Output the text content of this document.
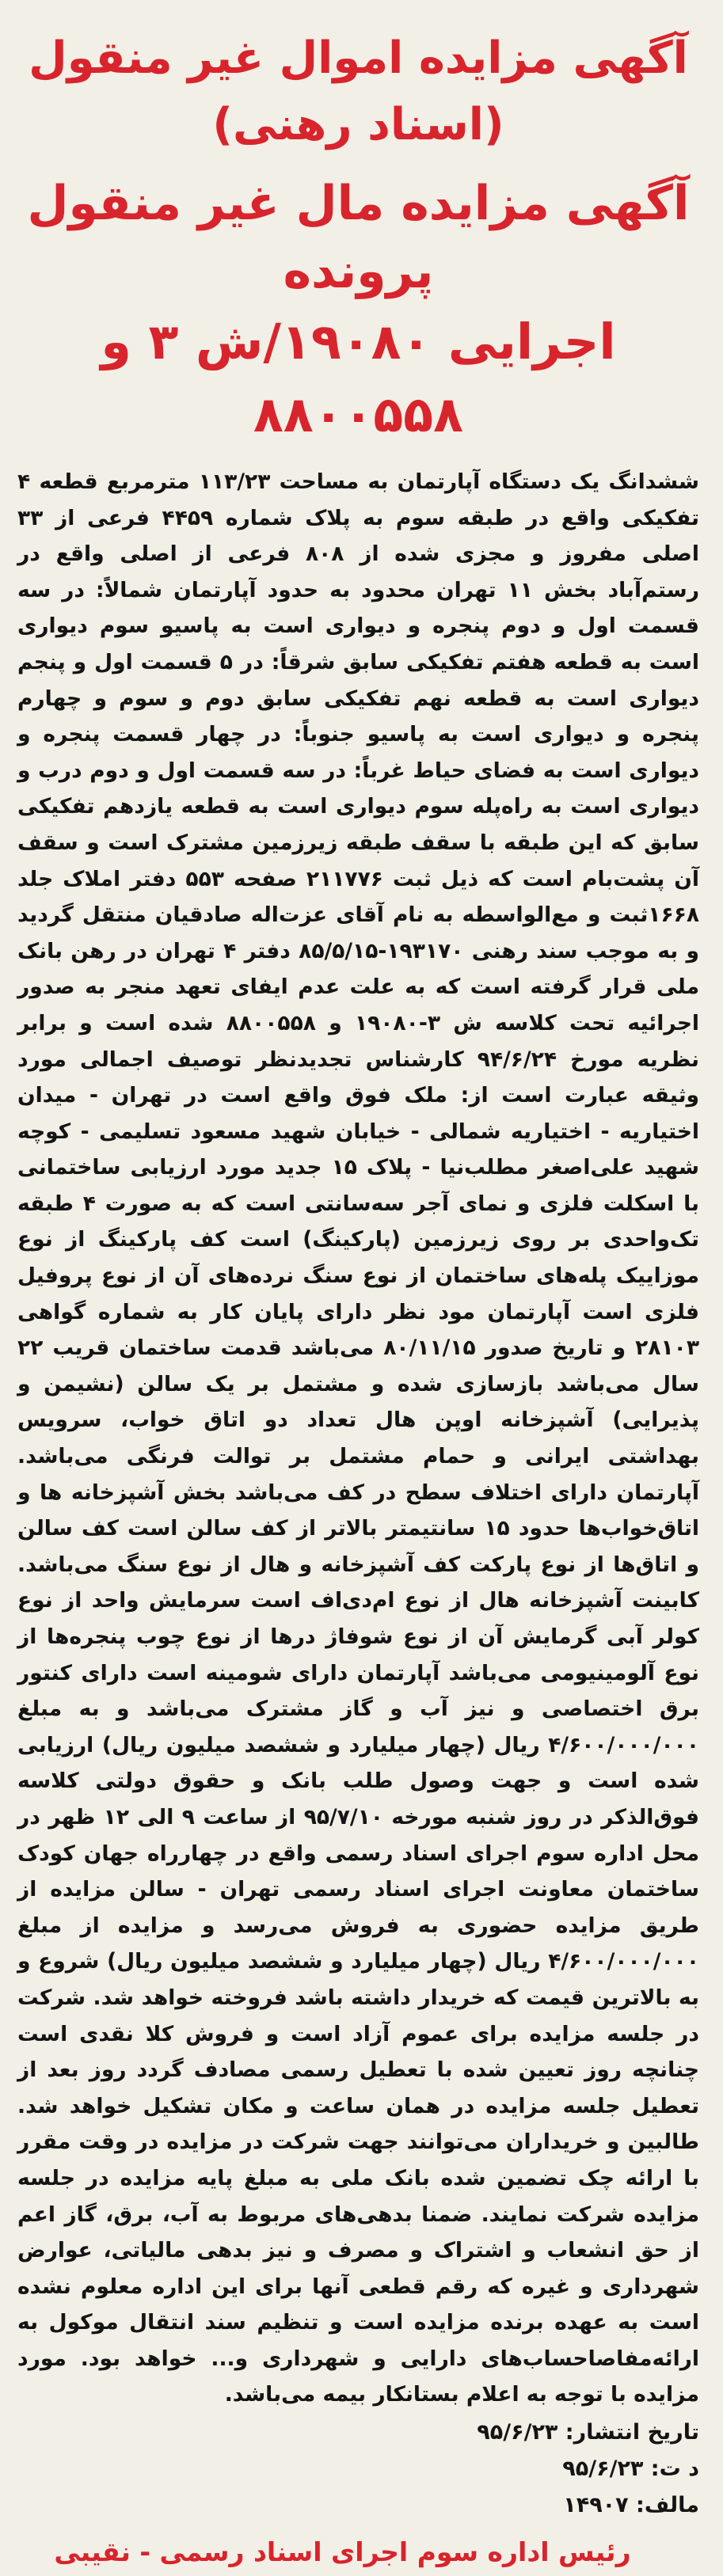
آگهی مزایده اموال غیر منقول (اسناد رهنی)
آگهی مزایده مال غیر منقول پرونده
اجرایی ۱۹۰۸۰/ش ۳ و ۸۸۰۰۵۵۸

ششدانگ یک دستگاه آپارتمان به مساحت ۱۱۳/۲۳ مترمربع قطعه ۴ تفکیکی واقع در طبقه سوم به پلاک شماره ۴۴۵۹ فرعی از ۳۳ اصلی مفروز و مجزی شده از ۸۰۸ فرعی از اصلی واقع در رستم‌آباد بخش ۱۱ تهران محدود به حدود آپارتمان شمالاً: در سه قسمت اول و دوم پنجره و دیواری است به پاسیو سوم دیواری است به قطعه هفتم تفکیکی سابق شرقاً: در ۵ قسمت اول و پنجم دیواری است به قطعه نهم تفکیکی سابق دوم و سوم و چهارم پنجره و دیواری است به پاسیو جنوباً: در چهار قسمت پنجره و دیواری است به فضای حیاط غرباً: در سه قسمت اول و دوم درب و دیواری است به راه‌پله سوم دیواری است به قطعه یازدهم تفکیکی سابق که این طبقه با سقف طبقه زیرزمین مشترک است و سقف آن پشت‌بام است که ذیل ثبت ۲۱۱۷۷۶ صفحه ۵۵۳ دفتر املاک جلد ۱۶۶۸ثبت و مع‌الواسطه به نام آقای عزت‌اله صادقیان منتقل گردید و به موجب سند رهنی ۱۹۳۱۷۰-۸۵/۵/۱۵ دفتر ۴ تهران در رهن بانک ملی قرار گرفته است که به علت عدم ایفای تعهد منجر به صدور اجرائیه تحت کلاسه ش ۳-۱۹۰۸۰ و ۸۸۰۰۵۵۸ شده است و برابر نظریه مورخ ۹۴/۶/۲۴ کارشناس تجدیدنظر توصیف اجمالی مورد وثیقه عبارت است از: ملک فوق واقع است در تهران - میدان اختیاریه - اختیاریه شمالی - خیابان شهید مسعود تسلیمی - کوچه شهید علی‌اصغر مطلب‌نیا - پلاک ۱۵ جدید مورد ارزیابی ساختمانی با اسکلت فلزی و نمای آجر سه‌سانتی است که به صورت ۴ طبقه تک‌واحدی بر روی زیرزمین (پارکینگ) است کف پارکینگ از نوع موزاییک پله‌های ساختمان از نوع سنگ نرده‌های آن از نوع پروفیل فلزی است آپارتمان مود نظر دارای پایان کار به شماره گواهی ۲۸۱۰۳ و تاریخ صدور ۸۰/۱۱/۱۵ می‌باشد قدمت ساختمان قریب ۲۲ سال می‌باشد بازسازی شده و مشتمل بر یک سالن (نشیمن و پذیرایی) آشپزخانه اوپن هال تعداد دو اتاق خواب، سرویس بهداشتی ایرانی و حمام مشتمل بر توالت فرنگی می‌باشد. آپارتمان دارای اختلاف سطح در کف می‌باشد بخش آشپزخانه ها و اتاق‌خواب‌ها حدود ۱۵ سانتیمتر بالاتر از کف سالن است کف سالن و اتاق‌ها از نوع پارکت کف آشپزخانه و هال از نوع سنگ می‌باشد. کابینت آشپزخانه هال از نوع ام‌دی‌اف است سرمایش واحد از نوع کولر آبی گرمایش آن از نوع شوفاژ درها از نوع چوب پنجره‌ها از نوع آلومینیومی می‌باشد آپارتمان دارای شومینه است دارای کنتور برق اختصاصی و نیز آب و گاز مشترک می‌باشد و به مبلغ ۴/۶۰۰/۰۰۰/۰۰۰ ریال (چهار میلیارد و ششصد میلیون ریال) ارزیابی شده است و جهت وصول طلب بانک و حقوق دولتی کلاسه فوق‌الذکر در روز شنبه مورخه ۹۵/۷/۱۰ از ساعت ۹ الی ۱۲ ظهر در محل اداره سوم اجرای اسناد رسمی واقع در چهارراه جهان کودک ساختمان معاونت اجرای اسناد رسمی تهران - سالن مزایده از طریق مزایده حضوری به فروش می‌رسد و مزایده از مبلغ ۴/۶۰۰/۰۰۰/۰۰۰ ریال (چهار میلیارد و ششصد میلیون ریال) شروع و به بالاترین قیمت که خریدار داشته باشد فروخته خواهد شد. شرکت در جلسه مزایده برای عموم آزاد است و فروش کلا نقدی است چنانچه روز تعیین شده با تعطیل رسمی مصادف گردد روز بعد از تعطیل جلسه مزایده در همان ساعت و مکان تشکیل خواهد شد. طالبین و خریداران می‌توانند جهت شرکت در مزایده در وقت مقرر با ارائه چک تضمین شده بانک ملی به مبلغ پایه مزایده در جلسه مزایده شرکت نمایند. ضمنا بدهی‌های مربوط به آب، برق، گاز اعم از حق انشعاب و اشتراک و مصرف و نیز بدهی مالیاتی، عوارض شهرداری و غیره که رقم قطعی آنها برای این اداره معلوم نشده است به عهده برنده مزایده است و تنظیم سند انتقال موکول به ارائه‌مفاصاحساب‌های دارایی و شهرداری و... خواهد بود. مورد مزایده با توجه به اعلام بستانکار بیمه می‌باشد.

تاریخ انتشار: ۹۵/۶/۲۳
د ت: ۹۵/۶/۲۳
مالف: ۱۴۹۰۷
رئیس اداره سوم اجرای اسناد رسمی - نقیبی
